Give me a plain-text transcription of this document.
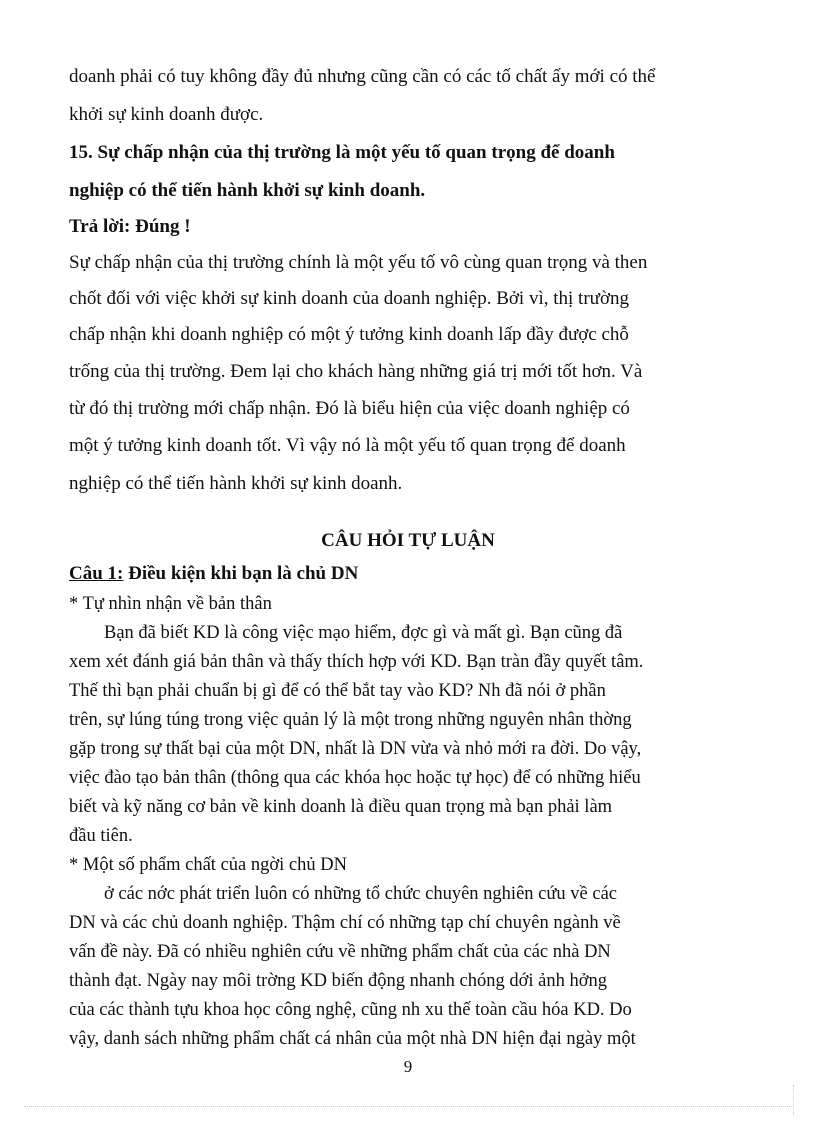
doanh phải có tuy không đầy đủ nhưng cũng cần có các tố chất ấy mới có thể
khởi sự kinh doanh được.
15. Sự chấp nhận của thị trường là một yếu tố quan trọng để doanh
nghiệp có thể tiến hành khởi sự kinh doanh.
Trả lời: Đúng !
Sự chấp nhận của thị trường chính là một yếu tố vô cùng quan trọng và then
chốt đối với việc khởi sự kinh doanh của doanh nghiệp. Bởi vì, thị trường
chấp nhận khi doanh nghiệp có một ý tưởng kinh doanh lấp đầy được chỗ
trống của thị trường. Đem lại cho khách hàng những giá trị mới tốt hơn. Và
từ đó thị trường mới chấp nhận. Đó là biểu hiện của việc doanh nghiệp có
một ý tưởng kinh doanh tốt. Vì vậy nó là một yếu tố quan trọng để doanh
nghiệp có thể tiến hành khởi sự kinh doanh.
CÂU HỎI TỰ LUẬN
Câu 1: Điều kiện khi bạn là chủ DN
* Tự nhìn nhận về bản thân
Bạn đã biết KD là công việc mạo hiểm, đợc gì và mất gì. Bạn cũng đã
xem xét đánh giá bản thân và thấy thích hợp với KD. Bạn tràn đầy quyết tâm.
Thế thì bạn phải chuẩn bị gì để có thể bắt tay vào KD? Nh đã nói ở phần
trên, sự lúng túng trong việc quản lý là một trong những nguyên nhân thờng
gặp trong sự thất bại của một DN, nhất là DN vừa và nhỏ mới ra đời. Do vậy,
việc đào tạo bản thân (thông qua các khóa học hoặc tự học) để có những hiểu
biết và kỹ năng cơ bản về kinh doanh là điều quan trọng mà bạn phải làm
đầu tiên.
* Một số phẩm chất của ngời chủ DN
ở các nớc phát triển luôn có những tổ chức chuyên nghiên cứu về các
DN và các chủ doanh nghiệp. Thậm chí có những tạp chí chuyên ngành về
vấn đề này. Đã có nhiều nghiên cứu về những phẩm chất của các nhà DN
thành đạt. Ngày nay môi trờng KD biến động nhanh chóng dới ảnh hởng
của các thành tựu khoa học công nghệ, cũng nh xu thế toàn cầu hóa KD. Do
vậy, danh sách những phẩm chất cá nhân của một nhà DN hiện đại ngày một
9
